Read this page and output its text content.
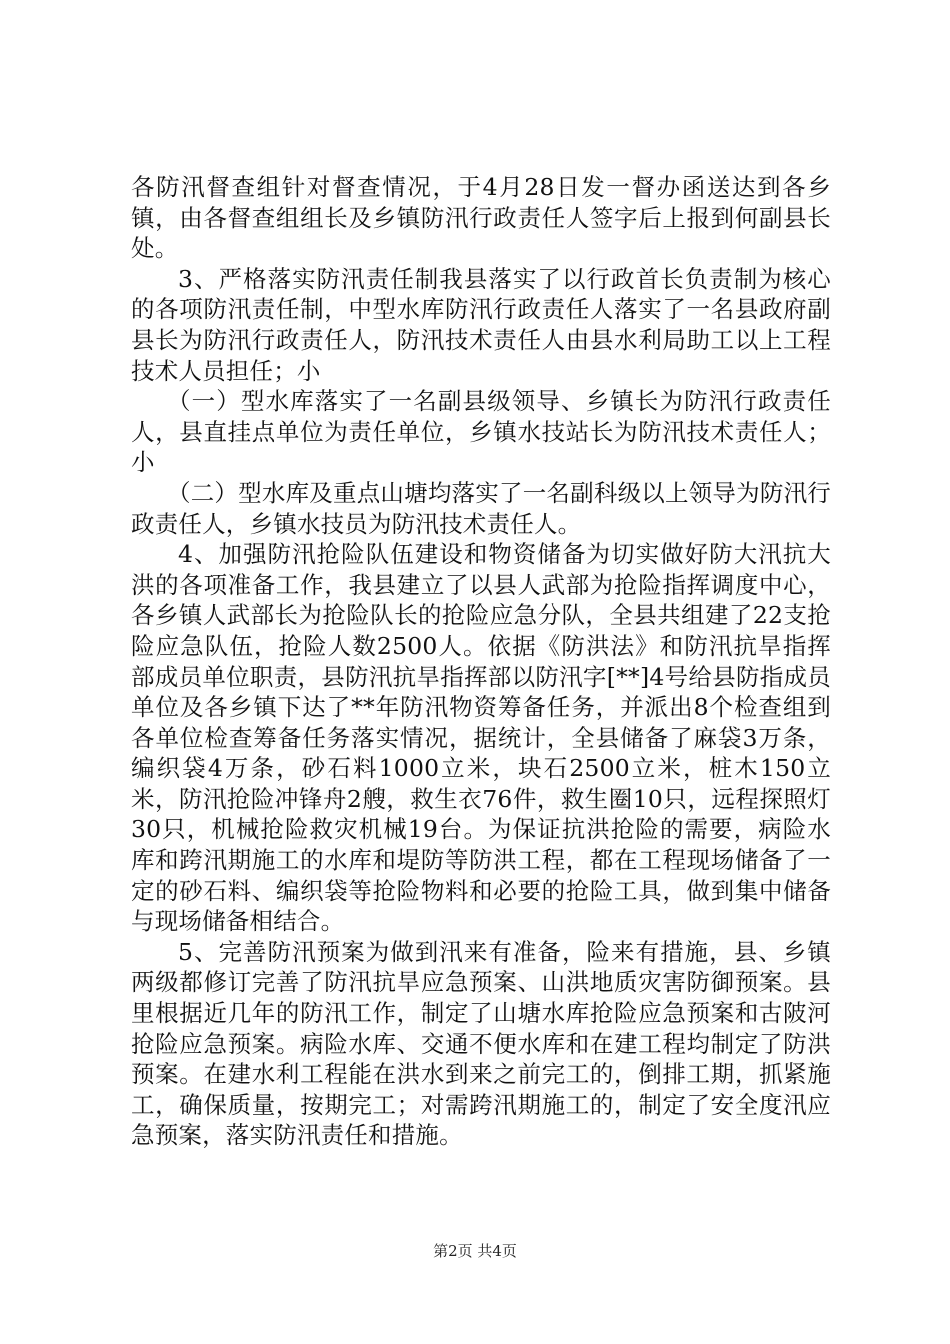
各防汛督查组针对督查情况，于4月28日发一督办函送达到各乡镇，由各督查组组长及乡镇防汛行政责任人签字后上报到何副县长处。

3、严格落实防汛责任制我县落实了以行政首长负责制为核心的各项防汛责任制，中型水库防汛行政责任人落实了一名县政府副县长为防汛行政责任人，防汛技术责任人由县水利局助工以上工程技术人员担任；小

（一）型水库落实了一名副县级领导、乡镇长为防汛行政责任人，县直挂点单位为责任单位，乡镇水技站长为防汛技术责任人；小

（二）型水库及重点山塘均落实了一名副科级以上领导为防汛行政责任人，乡镇水技员为防汛技术责任人。

4、加强防汛抢险队伍建设和物资储备为切实做好防大汛抗大洪的各项准备工作，我县建立了以县人武部为抢险指挥调度中心，各乡镇人武部长为抢险队长的抢险应急分队，全县共组建了22支抢险应急队伍，抢险人数2500人。依据《防洪法》和防汛抗旱指挥部成员单位职责，县防汛抗旱指挥部以防汛字[**]4号给县防指成员单位及各乡镇下达了**年防汛物资筹备任务，并派出8个检查组到各单位检查筹备任务落实情况，据统计，全县储备了麻袋3万条，编织袋4万条，砂石料1000立米，块石2500立米，桩木150立米，防汛抢险冲锋舟2艘，救生衣76件，救生圈10只，远程探照灯30只，机械抢险救灾机械19台。为保证抗洪抢险的需要，病险水库和跨汛期施工的水库和堤防等防洪工程，都在工程现场储备了一定的砂石料、编织袋等抢险物料和必要的抢险工具，做到集中储备与现场储备相结合。

5、完善防汛预案为做到汛来有准备，险来有措施，县、乡镇两级都修订完善了防汛抗旱应急预案、山洪地质灾害防御预案。县里根据近几年的防汛工作，制定了山塘水库抢险应急预案和古陂河抢险应急预案。病险水库、交通不便水库和在建工程均制定了防洪预案。在建水利工程能在洪水到来之前完工的，倒排工期，抓紧施工，确保质量，按期完工；对需跨汛期施工的，制定了安全度汛应急预案，落实防汛责任和措施。

第2页 共4页
